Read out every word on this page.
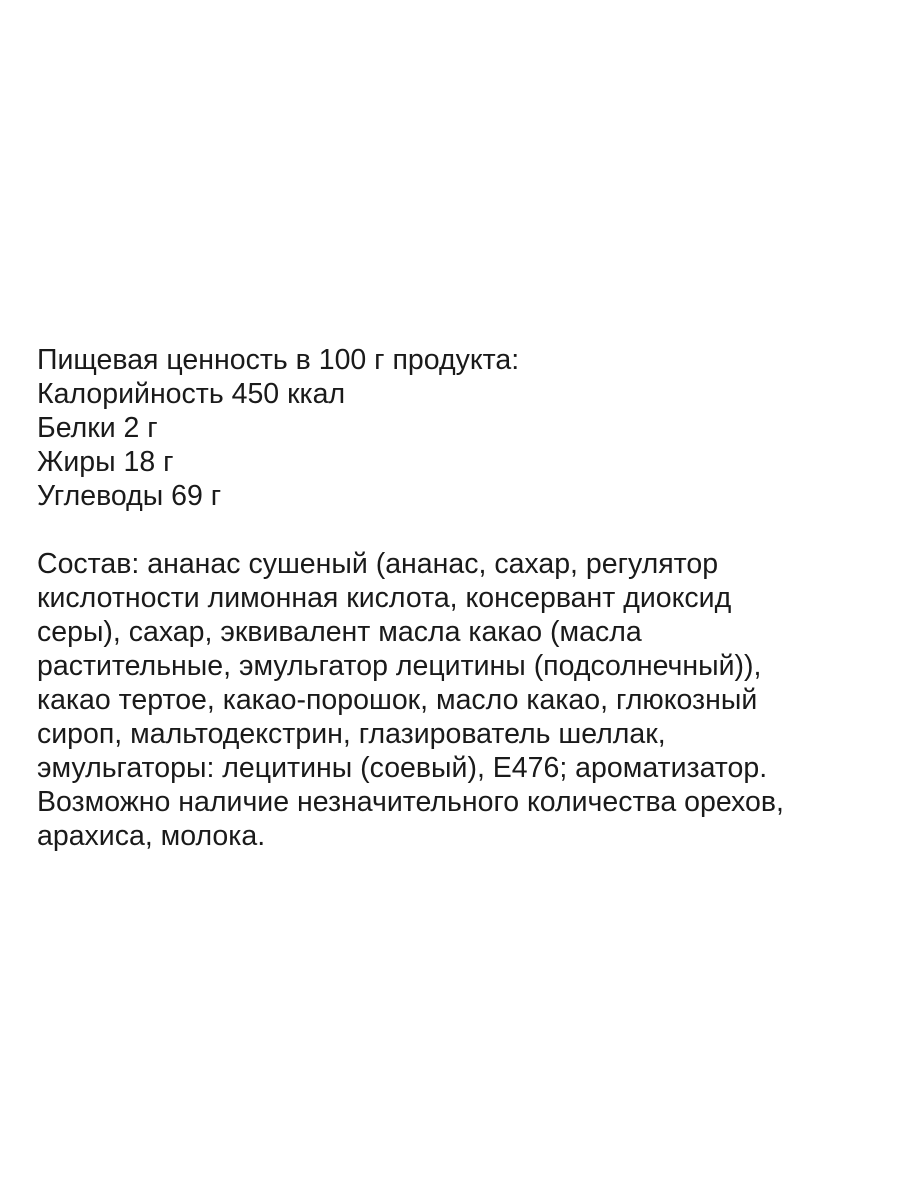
Пищевая ценность в 100 г продукта:

Калорийность 450 ккал

Белки 2 г

Жиры 18 г

Углеводы 69 г

Состав: ананас сушеный (ананас, сахар, регулятор

кислотности лимонная кислота, консервант диоксид

серы), сахар, эквивалент масла какао (масла

растительные, эмульгатор лецитины (подсолнечный)),

какао тертое, какао-порошок, масло какао, глюкозный

сироп, мальтодекстрин, глазирователь шеллак,

эмульгаторы: лецитины (соевый), Е476; ароматизатор.

Возможно наличие незначительного количества орехов,

арахиса, молока.
